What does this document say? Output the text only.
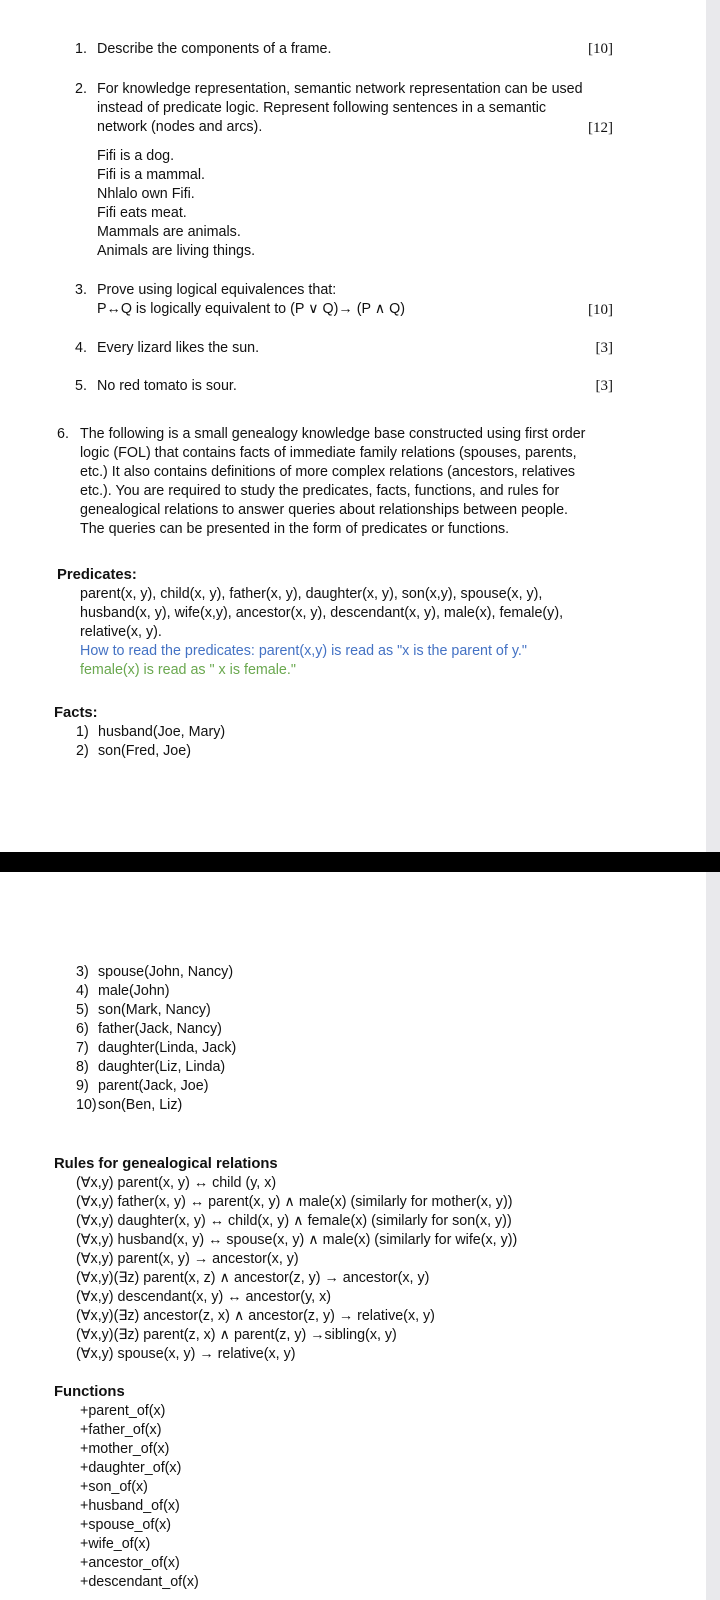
1. Describe the components of a frame.	[10]
2. For knowledge representation, semantic network representation can be used
instead of predicate logic. Represent following sentences in a semantic
network (nodes and arcs).	[12]
Fifi is a dog.
Fifi is a mammal.
Nhlalo own Fifi.
Fifi eats meat.
Mammals are animals.
Animals are living things.
3. Prove using logical equivalences that:
P↔Q is logically equivalent to (P ∨ Q)→ (P ∧ Q)	[10]
4. Every lizard likes the sun.	[3]
5. No red tomato is sour.	[3]
6. The following is a small genealogy knowledge base constructed using first order
logic (FOL) that contains facts of immediate family relations (spouses, parents,
etc.) It also contains definitions of more complex relations (ancestors, relatives
etc.). You are required to study the predicates, facts, functions, and rules for
genealogical relations to answer queries about relationships between people.
The queries can be presented in the form of predicates or functions.
Predicates:
parent(x, y), child(x, y), father(x, y), daughter(x, y), son(x,y), spouse(x, y),
husband(x, y), wife(x,y), ancestor(x, y), descendant(x, y), male(x), female(y),
relative(x, y).
How to read the predicates: parent(x,y) is read as "x is the parent of y."
female(x) is read as " x is female."
Facts:
1) husband(Joe, Mary)
2) son(Fred, Joe)
3) spouse(John, Nancy)
4) male(John)
5) son(Mark, Nancy)
6) father(Jack, Nancy)
7) daughter(Linda, Jack)
8) daughter(Liz, Linda)
9) parent(Jack, Joe)
10) son(Ben, Liz)
Rules for genealogical relations
(∀x,y) parent(x, y) ↔ child (y, x)
(∀x,y) father(x, y) ↔ parent(x, y) ∧ male(x) (similarly for mother(x, y))
(∀x,y) daughter(x, y) ↔ child(x, y) ∧ female(x) (similarly for son(x, y))
(∀x,y) husband(x, y) ↔ spouse(x, y) ∧ male(x) (similarly for wife(x, y))
(∀x,y) parent(x, y) → ancestor(x, y)
(∀x,y)(∃z) parent(x, z) ∧ ancestor(z, y) → ancestor(x, y)
(∀x,y) descendant(x, y) ↔ ancestor(y, x)
(∀x,y)(∃z) ancestor(z, x) ∧ ancestor(z, y) → relative(x, y)
(∀x,y)(∃z) parent(z, x) ∧ parent(z, y) →sibling(x, y)
(∀x,y) spouse(x, y) → relative(x, y)
Functions
+parent_of(x)
+father_of(x)
+mother_of(x)
+daughter_of(x)
+son_of(x)
+husband_of(x)
+spouse_of(x)
+wife_of(x)
+ancestor_of(x)
+descendant_of(x)
